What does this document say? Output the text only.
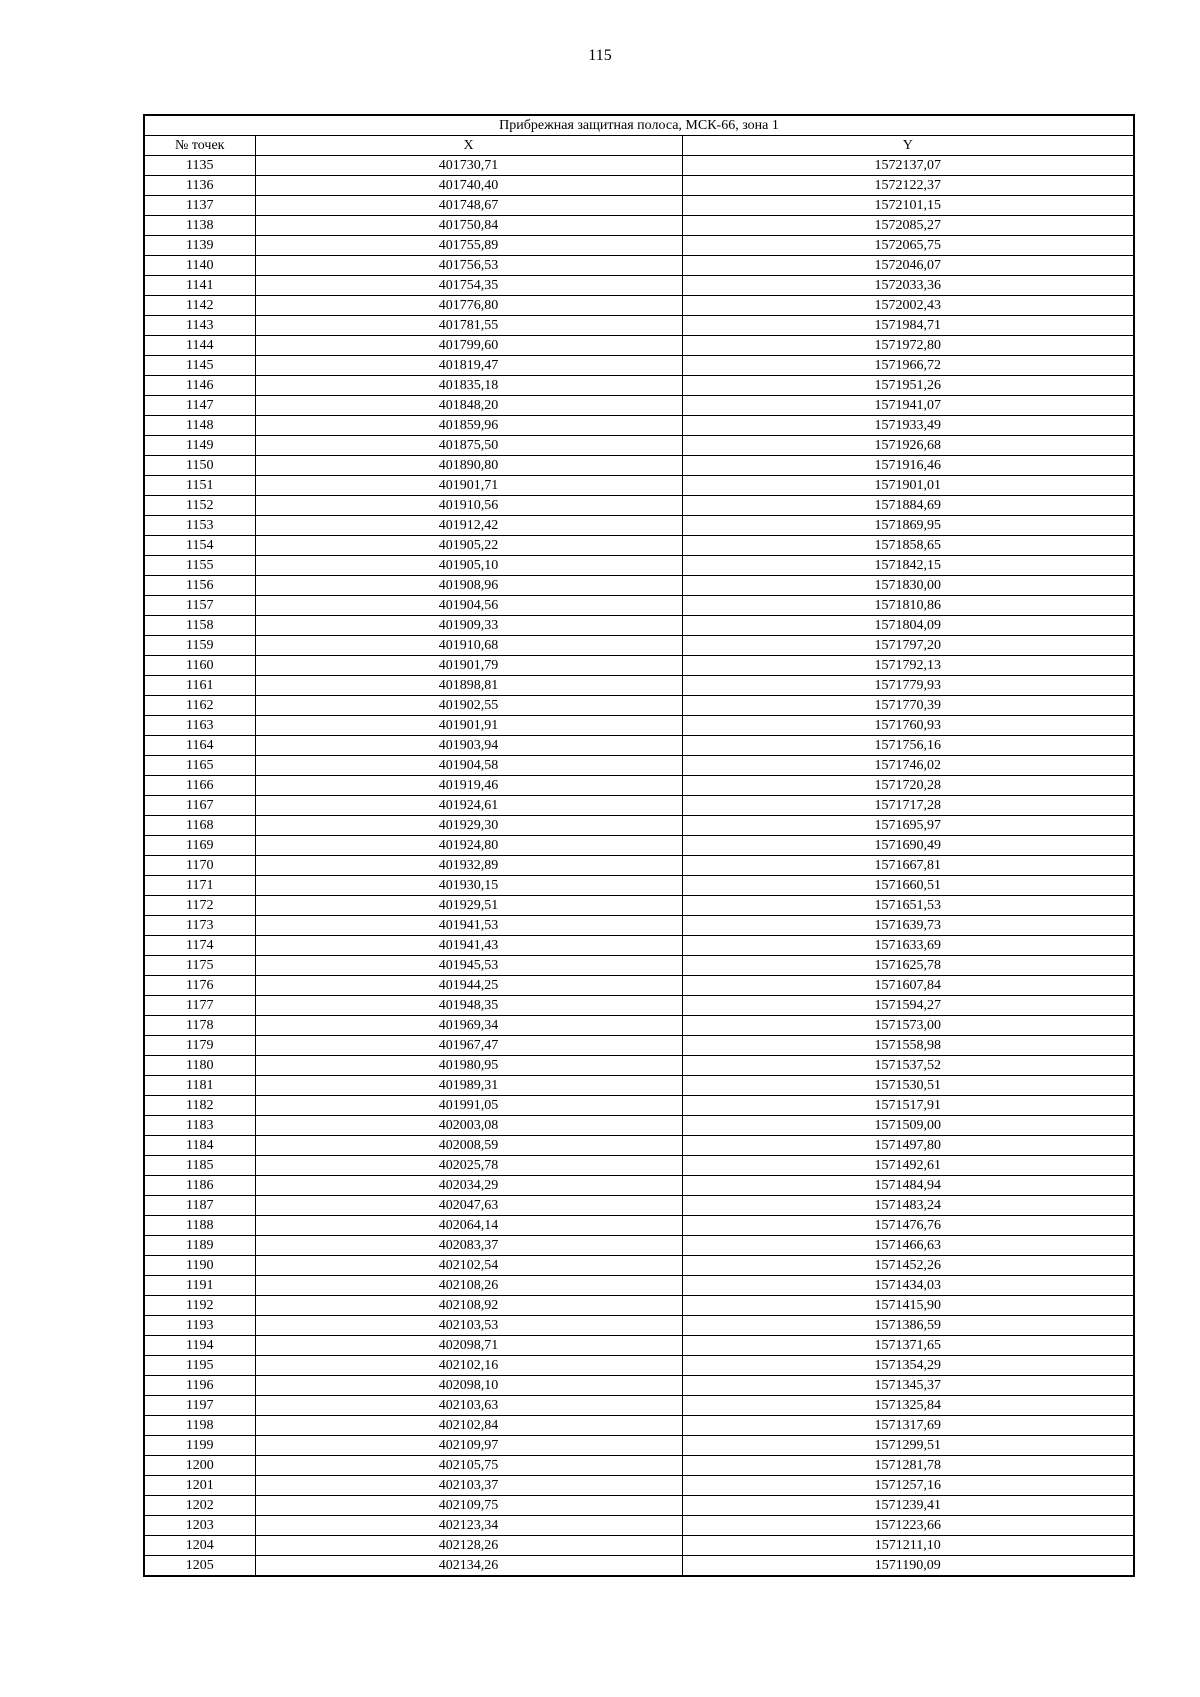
115
Прибрежная защитная полоса, МСК-66, зона 1		
№ точек	X	Y
1135	401730,71	1572137,07
1136	401740,40	1572122,37
1137	401748,67	1572101,15
1138	401750,84	1572085,27
1139	401755,89	1572065,75
1140	401756,53	1572046,07
1141	401754,35	1572033,36
1142	401776,80	1572002,43
1143	401781,55	1571984,71
1144	401799,60	1571972,80
1145	401819,47	1571966,72
1146	401835,18	1571951,26
1147	401848,20	1571941,07
1148	401859,96	1571933,49
1149	401875,50	1571926,68
1150	401890,80	1571916,46
1151	401901,71	1571901,01
1152	401910,56	1571884,69
1153	401912,42	1571869,95
1154	401905,22	1571858,65
1155	401905,10	1571842,15
1156	401908,96	1571830,00
1157	401904,56	1571810,86
1158	401909,33	1571804,09
1159	401910,68	1571797,20
1160	401901,79	1571792,13
1161	401898,81	1571779,93
1162	401902,55	1571770,39
1163	401901,91	1571760,93
1164	401903,94	1571756,16
1165	401904,58	1571746,02
1166	401919,46	1571720,28
1167	401924,61	1571717,28
1168	401929,30	1571695,97
1169	401924,80	1571690,49
1170	401932,89	1571667,81
1171	401930,15	1571660,51
1172	401929,51	1571651,53
1173	401941,53	1571639,73
1174	401941,43	1571633,69
1175	401945,53	1571625,78
1176	401944,25	1571607,84
1177	401948,35	1571594,27
1178	401969,34	1571573,00
1179	401967,47	1571558,98
1180	401980,95	1571537,52
1181	401989,31	1571530,51
1182	401991,05	1571517,91
1183	402003,08	1571509,00
1184	402008,59	1571497,80
1185	402025,78	1571492,61
1186	402034,29	1571484,94
1187	402047,63	1571483,24
1188	402064,14	1571476,76
1189	402083,37	1571466,63
1190	402102,54	1571452,26
1191	402108,26	1571434,03
1192	402108,92	1571415,90
1193	402103,53	1571386,59
1194	402098,71	1571371,65
1195	402102,16	1571354,29
1196	402098,10	1571345,37
1197	402103,63	1571325,84
1198	402102,84	1571317,69
1199	402109,97	1571299,51
1200	402105,75	1571281,78
1201	402103,37	1571257,16
1202	402109,75	1571239,41
1203	402123,34	1571223,66
1204	402128,26	1571211,10
1205	402134,26	1571190,09
